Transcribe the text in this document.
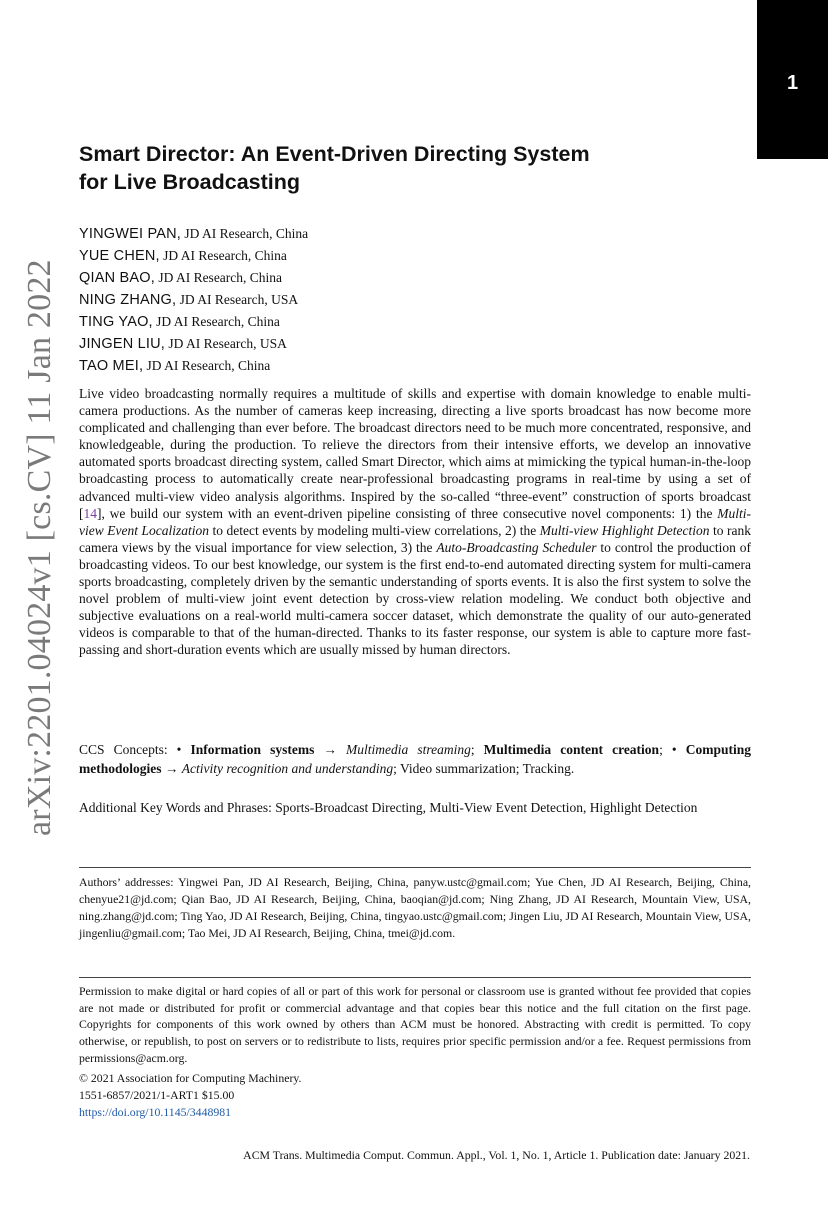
1
arXiv:2201.04024v1 [cs.CV] 11 Jan 2022
Smart Director: An Event-Driven Directing System
for Live Broadcasting
YINGWEI PAN, JD AI Research, China
YUE CHEN, JD AI Research, China
QIAN BAO, JD AI Research, China
NING ZHANG, JD AI Research, USA
TING YAO, JD AI Research, China
JINGEN LIU, JD AI Research, USA
TAO MEI, JD AI Research, China

Live video broadcasting normally requires a multitude of skills and expertise with domain knowledge to enable multi-camera productions. As the number of cameras keep increasing, directing a live sports broadcast has now become more complicated and challenging than ever before. The broadcast directors need to be much more concentrated, responsive, and knowledgeable, during the production. To relieve the directors from their intensive efforts, we develop an innovative automated sports broadcast directing system, called Smart Director, which aims at mimicking the typical human-in-the-loop broadcasting process to automatically create near-professional broadcasting programs in real-time by using a set of advanced multi-view video analysis algorithms. Inspired by the so-called “three-event” construction of sports broadcast [14], we build our system with an event-driven pipeline consisting of three consecutive novel components: 1) the Multi-view Event Localization to detect events by modeling multi-view correlations, 2) the Multi-view Highlight Detection to rank camera views by the visual importance for view selection, 3) the Auto-Broadcasting Scheduler to control the production of broadcasting videos. To our best knowledge, our system is the first end-to-end automated directing system for multi-camera sports broadcasting, completely driven by the semantic understanding of sports events. It is also the first system to solve the novel problem of multi-view joint event detection by cross-view relation modeling. We conduct both objective and subjective evaluations on a real-world multi-camera soccer dataset, which demonstrate the quality of our auto-generated videos is comparable to that of the human-directed. Thanks to its faster response, our system is able to capture more fast-passing and short-duration events which are usually missed by human directors.

CCS Concepts: • Information systems → Multimedia streaming; Multimedia content creation; • Computing methodologies → Activity recognition and understanding; Video summarization; Tracking.

Additional Key Words and Phrases: Sports-Broadcast Directing, Multi-View Event Detection, Highlight Detection

Authors’ addresses: Yingwei Pan, JD AI Research, Beijing, China, panyw.ustc@gmail.com; Yue Chen, JD AI Research, Beijing, China, chenyue21@jd.com; Qian Bao, JD AI Research, Beijing, China, baoqian@jd.com; Ning Zhang, JD AI Research, Mountain View, USA, ning.zhang@jd.com; Ting Yao, JD AI Research, Beijing, China, tingyao.ustc@gmail.com; Jingen Liu, JD AI Research, Mountain View, USA, jingenliu@gmail.com; Tao Mei, JD AI Research, Beijing, China, tmei@jd.com.

Permission to make digital or hard copies of all or part of this work for personal or classroom use is granted without fee provided that copies are not made or distributed for profit or commercial advantage and that copies bear this notice and the full citation on the first page. Copyrights for components of this work owned by others than ACM must be honored. Abstracting with credit is permitted. To copy otherwise, or republish, to post on servers or to redistribute to lists, requires prior specific permission and/or a fee. Request permissions from permissions@acm.org.

© 2021 Association for Computing Machinery.
1551-6857/2021/1-ART1 $15.00
https://doi.org/10.1145/3448981
ACM Trans. Multimedia Comput. Commun. Appl., Vol. 1, No. 1, Article 1. Publication date: January 2021.
